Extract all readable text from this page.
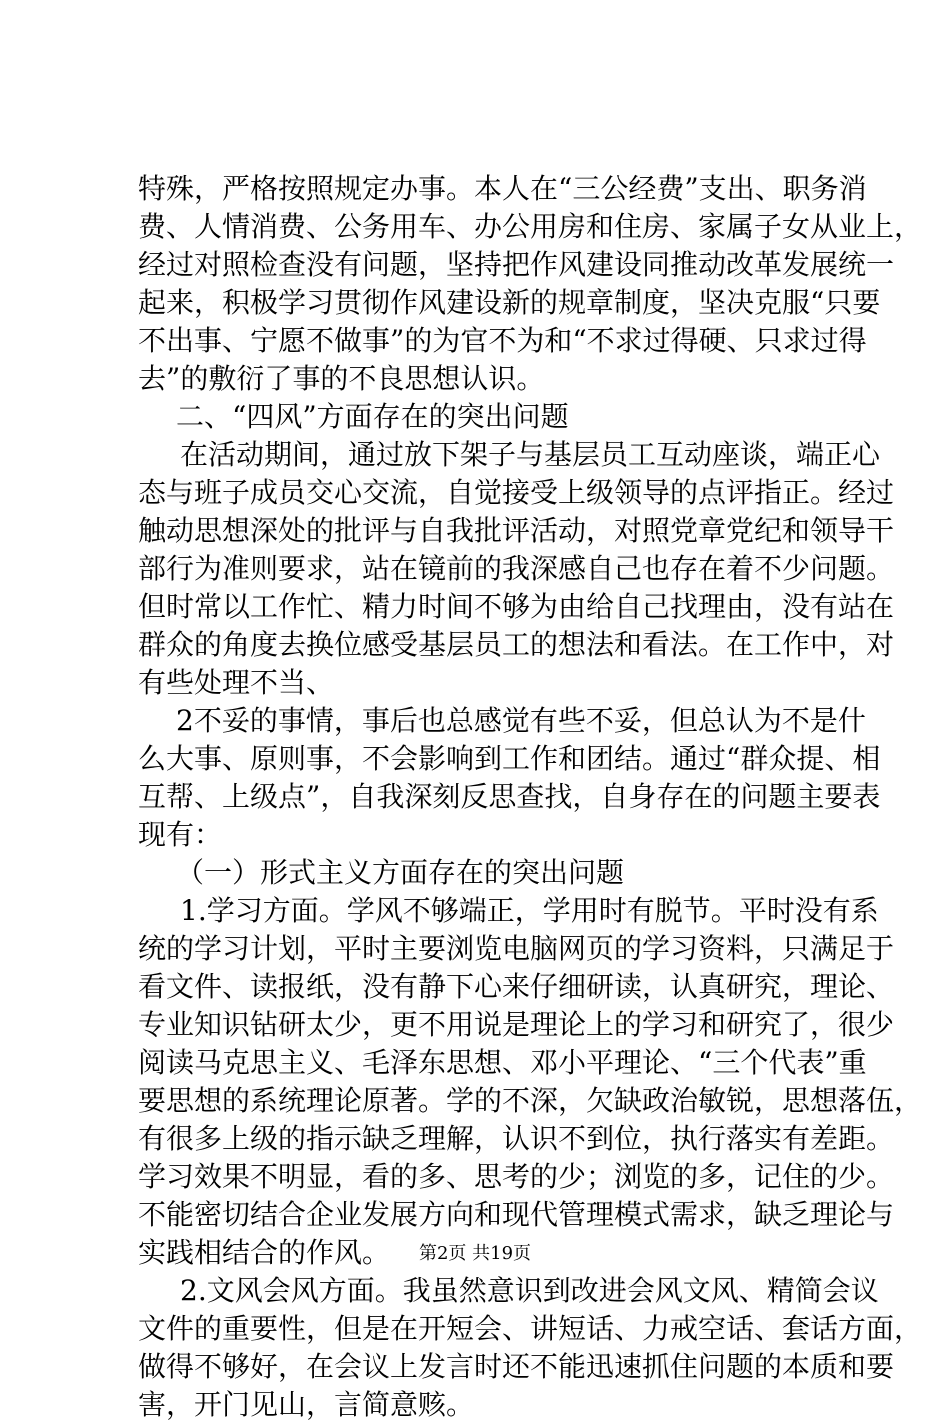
特殊，严格按照规定办事。本人在“三公经费”支出、职务消
费、人情消费、公务用车、办公用房和住房、家属子女从业上，
经过对照检查没有问题，坚持把作风建设同推动改革发展统一
起来，积极学习贯彻作风建设新的规章制度，坚决克服“只要
不出事、宁愿不做事”的为官不为和“不求过得硬、只求过得
去”的敷衍了事的不良思想认识。
二、“四风”方面存在的突出问题
在活动期间，通过放下架子与基层员工互动座谈，端正心
态与班子成员交心交流，自觉接受上级领导的点评指正。经过
触动思想深处的批评与自我批评活动，对照党章党纪和领导干
部行为准则要求，站在镜前的我深感自己也存在着不少问题。
但时常以工作忙、精力时间不够为由给自己找理由，没有站在
群众的角度去换位感受基层员工的想法和看法。在工作中，对
有些处理不当、
2不妥的事情，事后也总感觉有些不妥，但总认为不是什
么大事、原则事，不会影响到工作和团结。通过“群众提、相
互帮、上级点”，自我深刻反思查找，自身存在的问题主要表
现有：
（一）形式主义方面存在的突出问题
1.学习方面。学风不够端正，学用时有脱节。平时没有系
统的学习计划，平时主要浏览电脑网页的学习资料，只满足于
看文件、读报纸，没有静下心来仔细研读，认真研究，理论、
专业知识钻研太少，更不用说是理论上的学习和研究了，很少
阅读马克思主义、毛泽东思想、邓小平理论、“三个代表”重
要思想的系统理论原著。学的不深，欠缺政治敏锐，思想落伍，
有很多上级的指示缺乏理解，认识不到位，执行落实有差距。
学习效果不明显，看的多、思考的少；浏览的多，记住的少。
不能密切结合企业发展方向和现代管理模式需求，缺乏理论与
实践相结合的作风。
2.文风会风方面。我虽然意识到改进会风文风、精简会议
文件的重要性，但是在开短会、讲短话、力戒空话、套话方面，
做得不够好，在会议上发言时还不能迅速抓住问题的本质和要
害，开门见山，言简意赅。
第2页 共19页
